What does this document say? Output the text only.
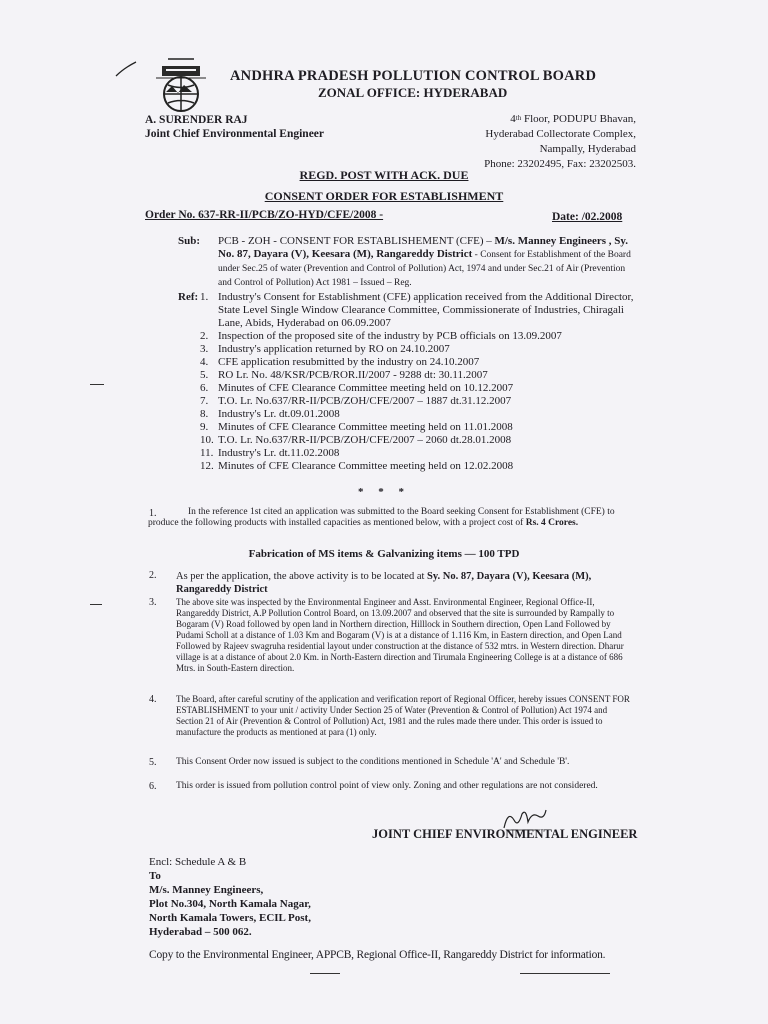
ANDHRA PRADESH POLLUTION CONTROL BOARD
ZONAL OFFICE: HYDERABAD
A. SURENDER RAJ
Joint Chief Environmental Engineer
4th Floor, PODUPU Bhavan,
Hyderabad Collectorate Complex,
Nampally, Hyderabad
Phone: 23202495, Fax: 23202503.
REGD. POST WITH ACK. DUE
CONSENT ORDER FOR ESTABLISHMENT
Order No. 637-RR-II/PCB/ZO-HYD/CFE/2008 -	Date: /02.2008
Sub: PCB - ZOH - CONSENT FOR ESTABLISHEMENT (CFE) – M/s. Manney Engineers , Sy. No. 87, Dayara (V), Keesara (M), Rangareddy District - Consent for Establishment of the Board under Sec.25 of water (Prevention and Control of Pollution) Act, 1974 and under Sec.21 of Air (Prevention and Control of Pollution) Act 1981 – Issued – Reg.
Ref: 1. Industry's Consent for Establishment (CFE) application received from the Additional Director, State Level Single Window Clearance Committee, Commissionerate of Industries, Chiragali Lane, Abids, Hyderabad on 06.09.2007
2. Inspection of the proposed site of the industry by PCB officials on 13.09.2007
3. Industry's application returned by RO on 24.10.2007
4. CFE application resubmitted by the industry on 24.10.2007
5. RO Lr. No. 48/KSR/PCB/ROR.II/2007 - 9288 dt: 30.11.2007
6. Minutes of CFE Clearance Committee meeting held on 10.12.2007
7. T.O. Lr. No.637/RR-II/PCB/ZOH/CFE/2007 – 1887 dt.31.12.2007
8. Industry's Lr. dt.09.01.2008
9. Minutes of CFE Clearance Committee meeting held on 11.01.2008
10. T.O. Lr. No.637/RR-II/PCB/ZOH/CFE/2007 – 2060 dt.28.01.2008
11. Industry's Lr. dt.11.02.2008
12. Minutes of CFE Clearance Committee meeting held on 12.02.2008
* * *
1.	In the reference 1st cited an application was submitted to the Board seeking Consent for Establishment (CFE) to produce the following products with installed capacities as mentioned below, with a project cost of Rs. 4 Crores.
Fabrication of MS items & Galvanizing items — 100 TPD
2. As per the application, the above activity is to be located at Sy. No. 87, Dayara (V), Keesara (M), Rangareddy District
3. The above site was inspected by the Environmental Engineer and Asst. Environmental Engineer, Regional Office-II, Rangareddy District, A.P Pollution Control Board, on 13.09.2007 and observed that the site is surrounded by Rampally to Bogaram (V) Road followed by open land in Northern direction, Hilllock in Southern direction, Open Land Followed by Pudami Scholl at a distance of 1.03 Km and Bogaram (V) is at a distance of 1.116 Km, in Eastern direction, and Open Land Followed by Rajeev swagruha residential layout under construction at the distance of 532 mtrs. in Western direction. Dharur village is at a distance of about 2.0 Km. in North-Eastern direction and Tirumala Engineering College is at a distance of 686 Mtrs. in South-Eastern direction.
4. The Board, after careful scrutiny of the application and verification report of Regional Officer, hereby issues CONSENT FOR ESTABLISHMENT to your unit / activity Under Section 25 of Water (Prevention & Control of Pollution) Act 1974 and Section 21 of Air (Prevention & Control of Pollution) Act, 1981 and the rules made there under. This order is issued to manufacture the products as mentioned at para (1) only.
5. This Consent Order now issued is subject to the conditions mentioned in Schedule 'A' and Schedule 'B'.
6. This order is issued from pollution control point of view only. Zoning and other regulations are not considered.
JOINT CHIEF ENVIRONMENTAL ENGINEER
Encl: Schedule A & B
To
M/s. Manney Engineers,
Plot No.304, North Kamala Nagar,
North Kamala Towers, ECIL Post,
Hyderabad – 500 062.
Copy to the Environmental Engineer, APPCB, Regional Office-II, Rangareddy District for information.
